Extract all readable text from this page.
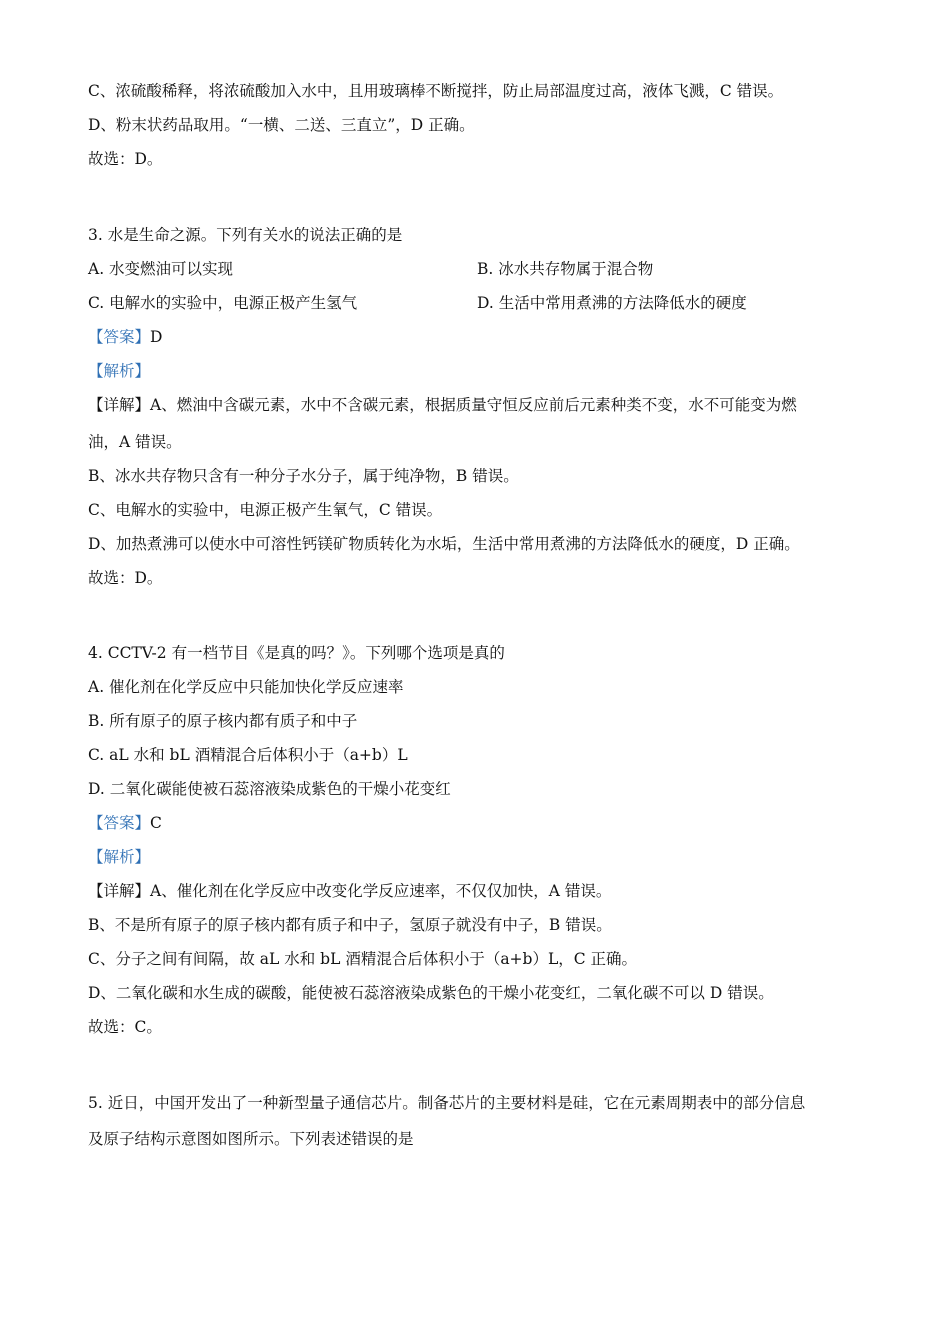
C、浓硫酸稀释，将浓硫酸加入水中，且用玻璃棒不断搅拌，防止局部温度过高，液体飞溅，C 错误。
D、粉末状药品取用。“一横、二送、三直立”，D 正确。
故选：D。
3. 水是生命之源。下列有关水的说法正确的是
A. 水变燃油可以实现	B. 冰水共存物属于混合物
C. 电解水的实验中，电源正极产生氢气	D. 生活中常用煮沸的方法降低水的硬度
【答案】D
【解析】
【详解】A、燃油中含碳元素，水中不含碳元素，根据质量守恒反应前后元素种类不变，水不可能变为燃
油，A 错误。
B、冰水共存物只含有一种分子水分子，属于纯净物，B 错误。
C、电解水的实验中，电源正极产生氧气，C 错误。
D、加热煮沸可以使水中可溶性钙镁矿物质转化为水垢，生活中常用煮沸的方法降低水的硬度，D 正确。
故选：D。
4. CCTV-2 有一档节目《是真的吗？》。下列哪个选项是真的
A. 催化剂在化学反应中只能加快化学反应速率
B. 所有原子的原子核内都有质子和中子
C. aL 水和 bL 酒精混合后体积小于（a+b）L
D. 二氧化碳能使被石蕊溶液染成紫色的干燥小花变红
【答案】C
【解析】
【详解】A、催化剂在化学反应中改变化学反应速率，不仅仅加快，A 错误。
B、不是所有原子的原子核内都有质子和中子，氢原子就没有中子，B 错误。
C、分子之间有间隔，故 aL 水和 bL 酒精混合后体积小于（a+b）L，C 正确。
D、二氧化碳和水生成的碳酸，能使被石蕊溶液染成紫色的干燥小花变红，二氧化碳不可以 D 错误。
故选：C。
5. 近日，中国开发出了一种新型量子通信芯片。制备芯片的主要材料是硅，它在元素周期表中的部分信息
及原子结构示意图如图所示。下列表述错误的是
